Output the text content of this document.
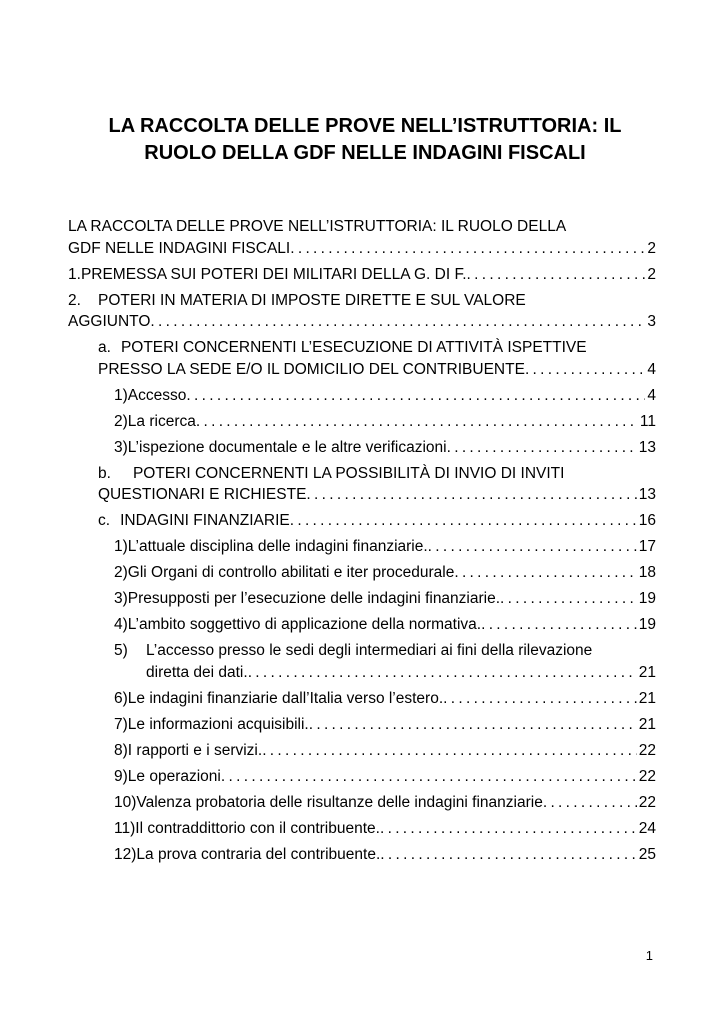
LA RACCOLTA DELLE PROVE NELL’ISTRUTTORIA: IL
RUOLO DELLA GDF NELLE INDAGINI FISCALI
LA RACCOLTA DELLE PROVE NELL’ISTRUTTORIA: IL RUOLO DELLA
GDF NELLE INDAGINI FISCALI . . .	2
1. PREMESSA SUI POTERI DEI MILITARI DELLA G. DI F. . . .	2
2.	POTERI IN MATERIA DI IMPOSTE DIRETTE E SUL VALORE
AGGIUNTO . . .	3
a. POTERI CONCERNENTI L’ESECUZIONE DI ATTIVITÀ ISPETTIVE
PRESSO LA SEDE E/O IL DOMICILIO DEL CONTRIBUENTE . . .	4
1) Accesso . . .	4
2) La ricerca . . .	11
3) L’ispezione documentale e le altre verificazioni . . .	13
b. POTERI CONCERNENTI LA POSSIBILITÀ DI INVIO DI INVITI
QUESTIONARI E RICHIESTE . . .	13
c. INDAGINI FINANZIARIE . . .	16
1) L’attuale disciplina delle indagini finanziarie. . . .	17
2) Gli Organi di controllo abilitati e iter procedurale . . .	18
3) Presupposti per l’esecuzione delle indagini finanziarie. . . .	19
4) L’ambito soggettivo di applicazione della normativa. . . .	19
5)	L’accesso presso le sedi degli intermediari ai fini della rilevazione
diretta dei dati. . . .	21
6) Le indagini finanziarie dall’Italia verso l’estero. . . .	21
7) Le informazioni acquisibili. . . .	21
8) I rapporti e i servizi. . . .	22
9) Le operazioni . . .	22
10) Valenza probatoria delle risultanze delle indagini finanziarie . . .	22
11) Il contraddittorio con il contribuente. . . .	24
12) La prova contraria del contribuente. . . .	25
1
